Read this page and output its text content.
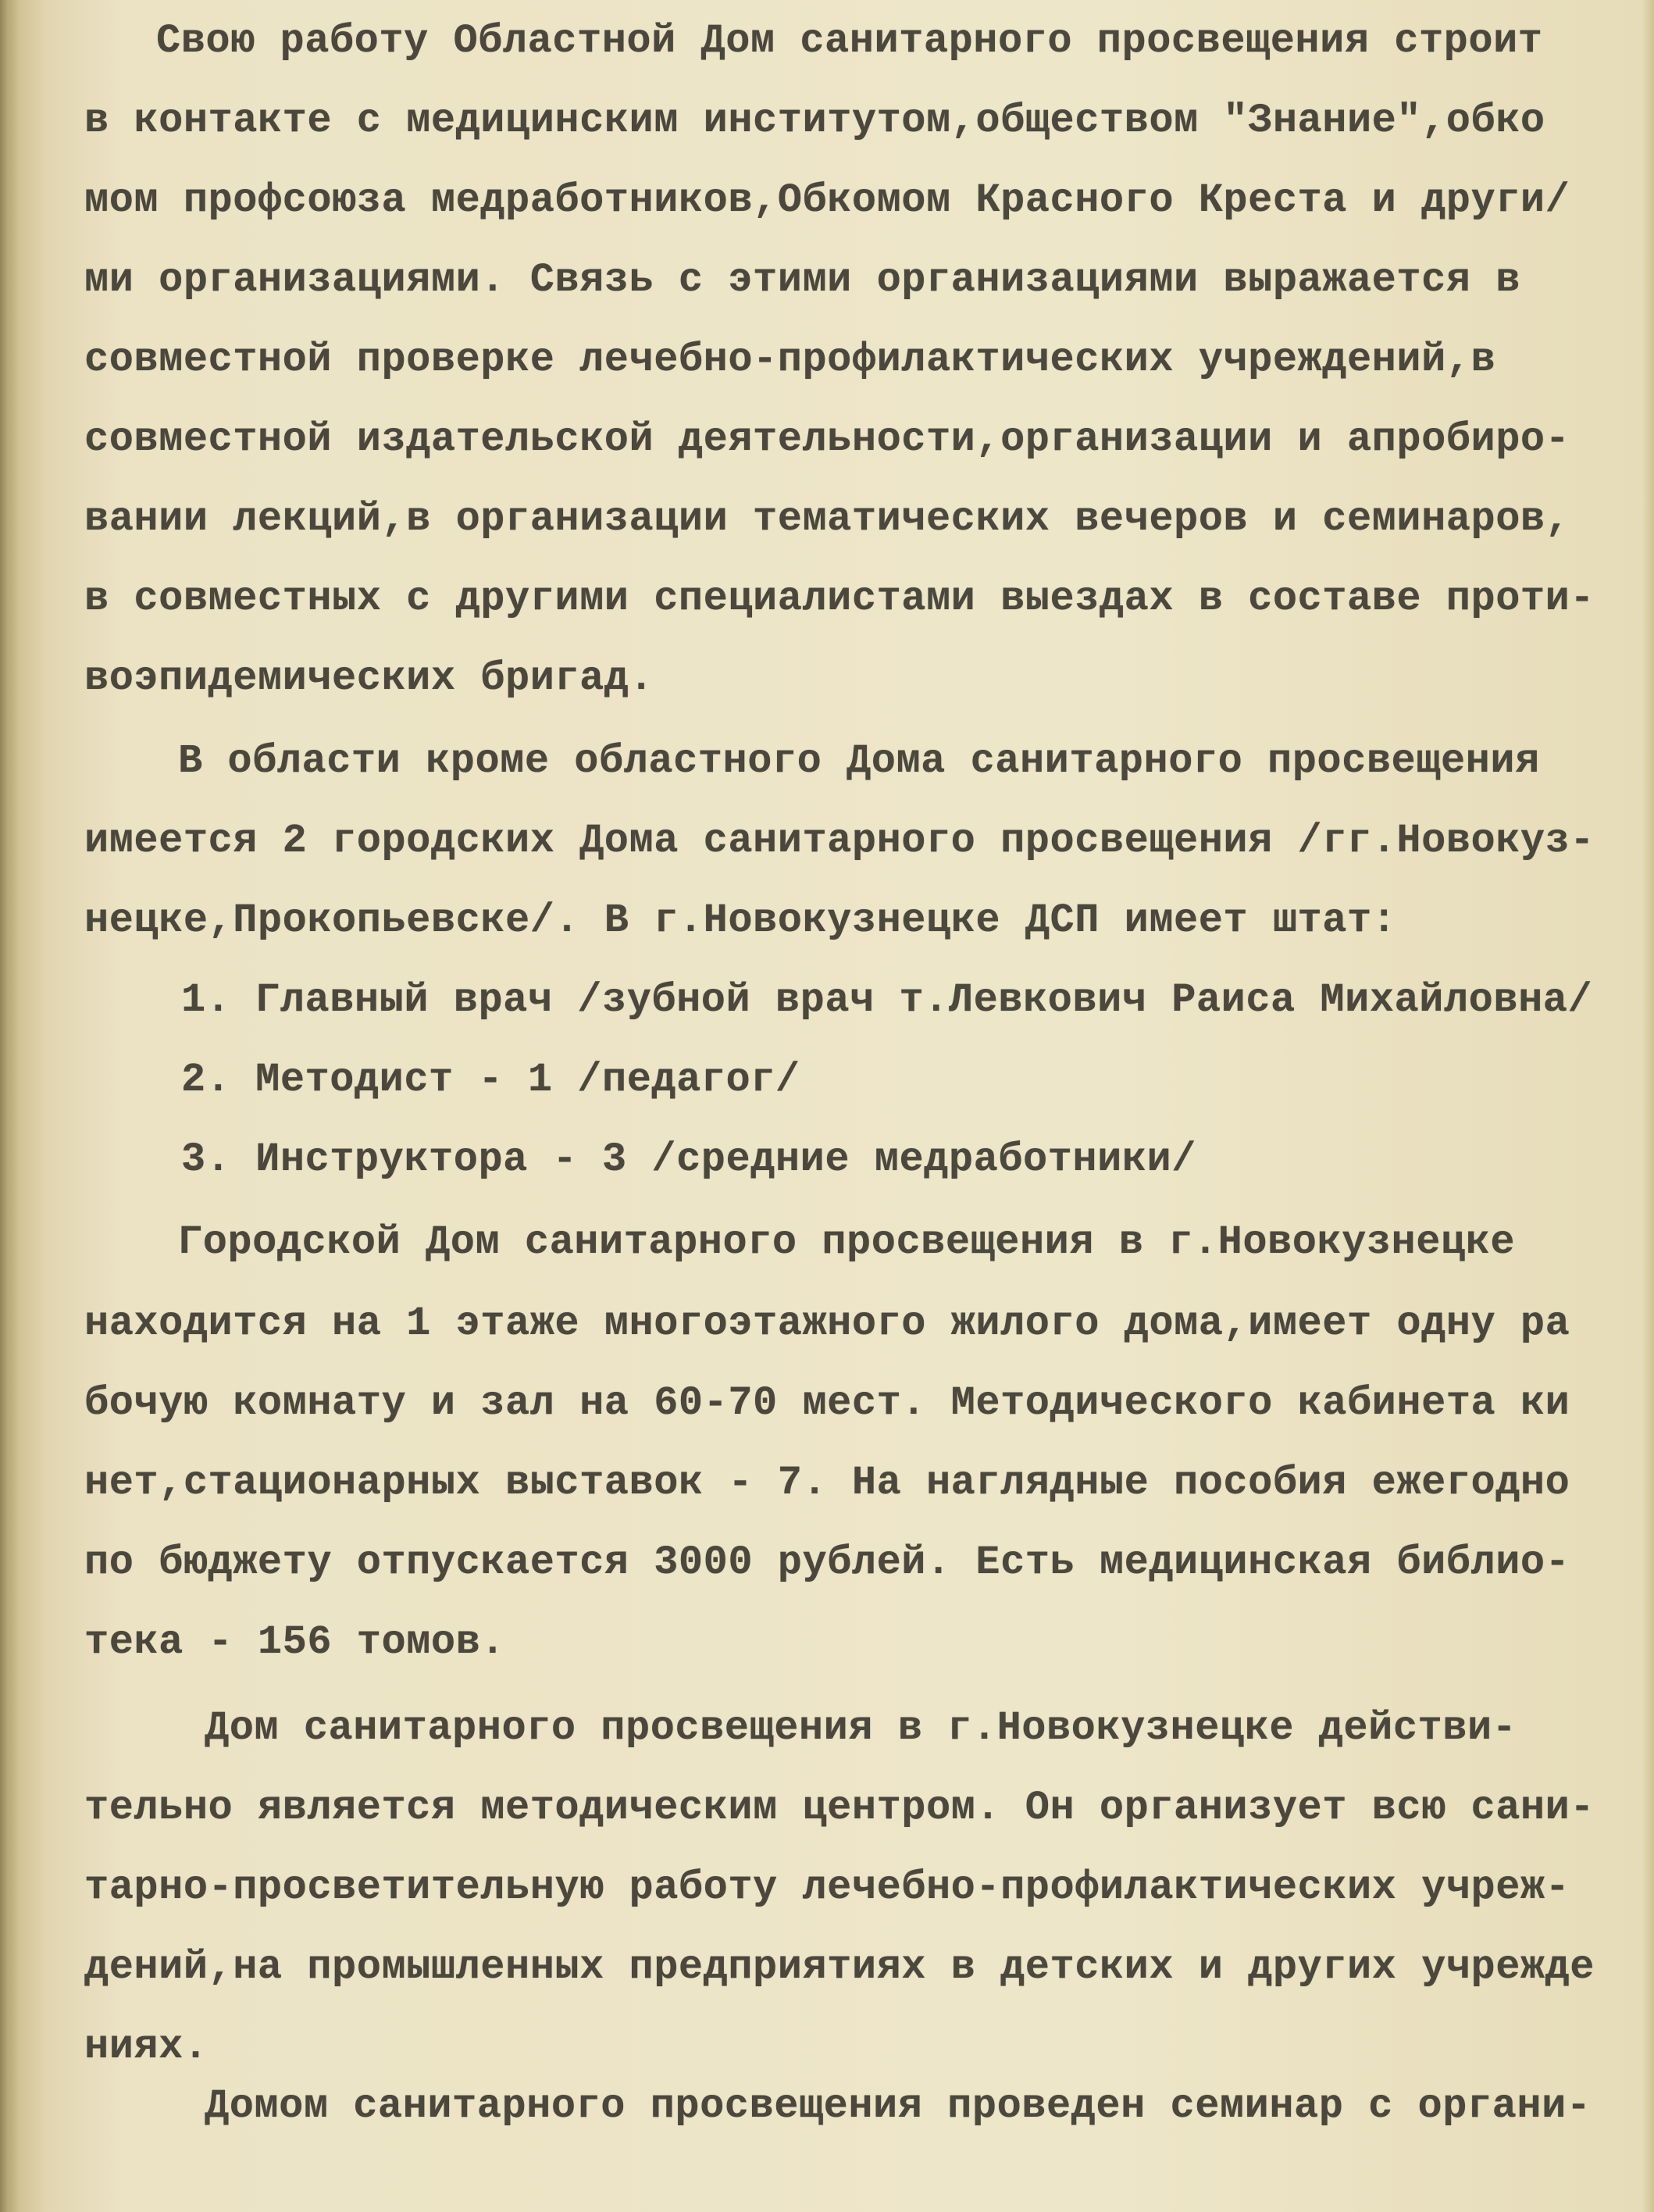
Свою работу Областной Дом санитарного просвещения строит
в контакте с медицинским институтом,обществом "Знание",обко
мом профсоюза медработников,Обкомом Красного Креста и други/
ми организациями. Связь с этими организациями выражается в
совместной проверке лечебно-профилактических учреждений,в
совместной издательской деятельности,организации и апробиро-
вании лекций,в организации тематических вечеров и семинаров,
в совместных с другими специалистами выездах в составе проти-
воэпидемических бригад.
В области кроме областного Дома санитарного просвещения
имеется 2 городских Дома санитарного просвещения /гг.Новокуз-
нецке,Прокопьевске/. В г.Новокузнецке ДСП имеет штат:
1. Главный врач /зубной врач т.Левкович Раиса Михайловна/
2. Методист - 1 /педагог/
3. Инструктора - 3 /средние медработники/
Городской Дом санитарного просвещения в г.Новокузнецке
находится на 1 этаже многоэтажного жилого дома,имеет одну ра
бочую комнату и зал на 60-70 мест. Методического кабинета ки
нет,стационарных выставок - 7. На наглядные пособия ежегодно
по бюджету отпускается 3000 рублей. Есть медицинская библио-
тека - 156 томов.
Дом санитарного просвещения в г.Новокузнецке действи-
тельно является методическим центром. Он организует всю сани-
тарно-просветительную работу лечебно-профилактических учреж-
дений,на промышленных предприятиях в детских и других учрежде
ниях.
Домом санитарного просвещения проведен семинар с органи-
